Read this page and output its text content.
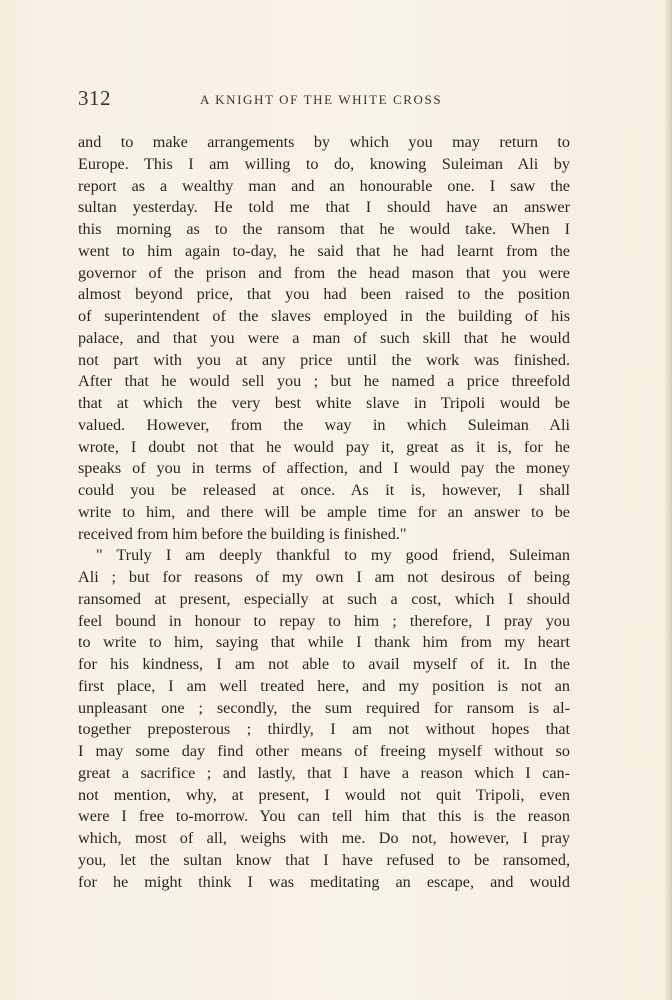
312	A KNIGHT OF THE WHITE CROSS
and to make arrangements by which you may return to
Europe. This I am willing to do, knowing Suleiman Ali by
report as a wealthy man and an honourable one. I saw the
sultan yesterday. He told me that I should have an answer
this morning as to the ransom that he would take. When I
went to him again to-day, he said that he had learnt from the
governor of the prison and from the head mason that you were
almost beyond price, that you had been raised to the position
of superintendent of the slaves employed in the building of his
palace, and that you were a man of such skill that he would
not part with you at any price until the work was finished.
After that he would sell you ; but he named a price threefold
that at which the very best white slave in Tripoli would be
valued. However, from the way in which Suleiman Ali
wrote, I doubt not that he would pay it, great as it is, for he
speaks of you in terms of affection, and I would pay the money
could you be released at once. As it is, however, I shall
write to him, and there will be ample time for an answer to be
received from him before the building is finished."
" Truly I am deeply thankful to my good friend, Suleiman
Ali ; but for reasons of my own I am not desirous of being
ransomed at present, especially at such a cost, which I should
feel bound in honour to repay to him ; therefore, I pray you
to write to him, saying that while I thank him from my heart
for his kindness, I am not able to avail myself of it. In the
first place, I am well treated here, and my position is not an
unpleasant one ; secondly, the sum required for ransom is al-
together preposterous ; thirdly, I am not without hopes that
I may some day find other means of freeing myself without so
great a sacrifice ; and lastly, that I have a reason which I can-
not mention, why, at present, I would not quit Tripoli, even
were I free to-morrow. You can tell him that this is the reason
which, most of all, weighs with me. Do not, however, I pray
you, let the sultan know that I have refused to be ransomed,
for he might think I was meditating an escape, and would
